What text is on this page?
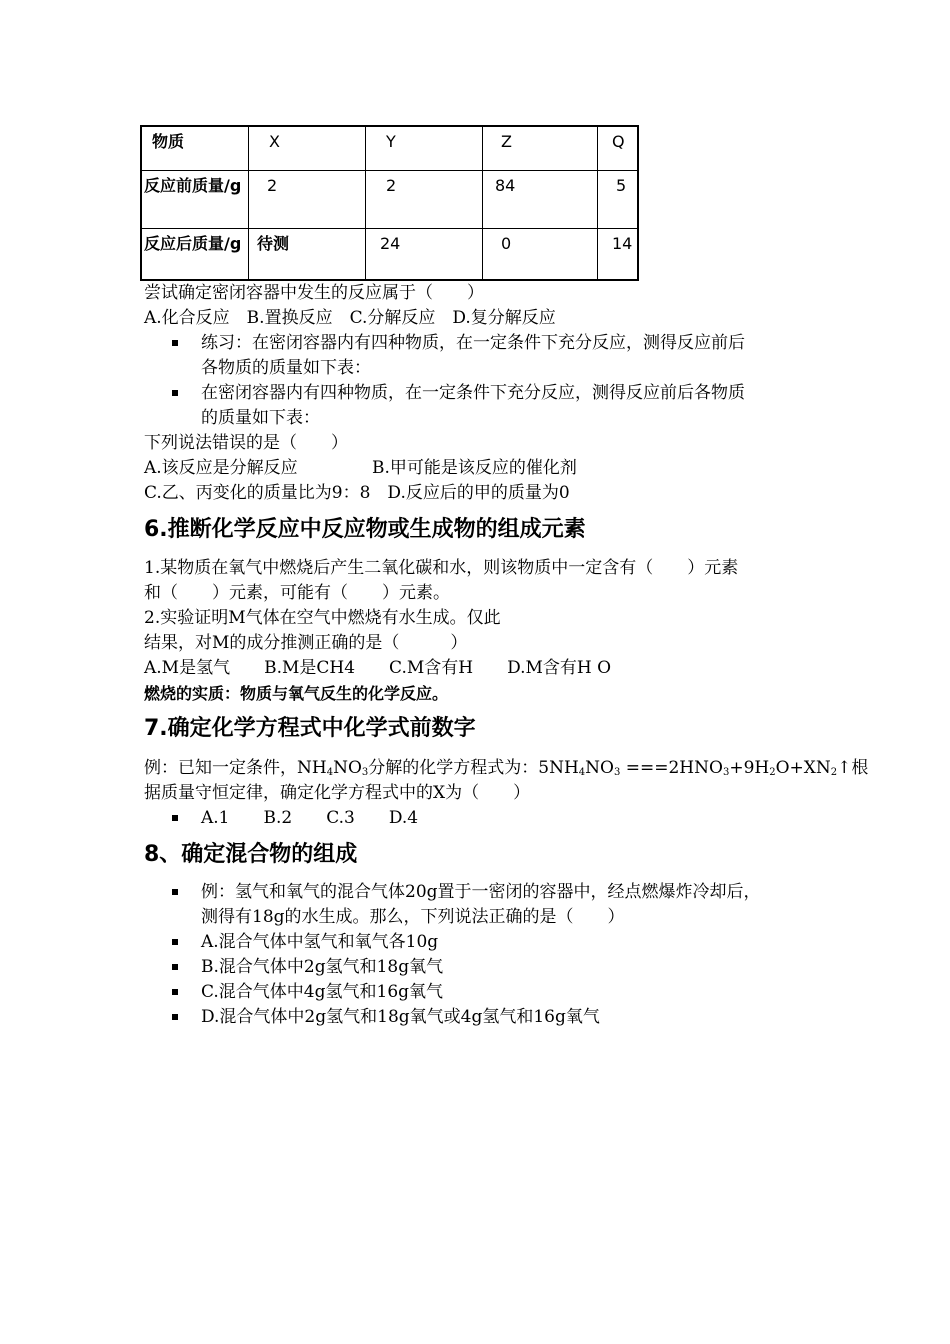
物质	X	Y	Z	Q
反应前质量/g	2	2	84	5
反应后质量/g	待测	24	0	14
尝试确定密闭容器中发生的反应属于（　　）
A.化合反应　B.置换反应　C.分解反应　D.复分解反应
练习：在密闭容器内有四种物质，在一定条件下充分反应，测得反应前后
各物质的质量如下表：
在密闭容器内有四种物质，在一定条件下充分反应，测得反应前后各物质
的质量如下表：
下列说法错误的是（　　）
A.该反应是分解反应	B.甲可能是该反应的催化剂
C.乙、丙变化的质量比为9：8　D.反应后的甲的质量为0
6.推断化学反应中反应物或生成物的组成元素
1.某物质在氧气中燃烧后产生二氧化碳和水，则该物质中一定含有（　　）元素
和（　　）元素，可能有（　　）元素。
2.实验证明M气体在空气中燃烧有水生成。仅此
结果，对M的成分推测正确的是（　　　）
A.M是氢气　　B.M是CH4　　C.M含有H　　D.M含有H O
燃烧的实质：物质与氧气反生的化学反应。
7.确定化学方程式中化学式前数字
例：已知一定条件，$NH_4NO_3$分解的化学方程式为：$5NH_4NO_3$ $===2HNO_3+9H_2O+XN_2↑$根
据质量守恒定律，确定化学方程式中的X为（　　）
A.1　　B.2　　C.3　　D.4
8、确定混合物的组成
例：氢气和氧气的混合气体20g置于一密闭的容器中，经点燃爆炸冷却后，
测得有18g的水生成。那么，下列说法正确的是（　　）
A.混合气体中氢气和氧气各10g
B.混合气体中2g氢气和18g氧气
C.混合气体中4g氢气和16g氧气
D.混合气体中2g氢气和18g氧气或4g氢气和16g氧气
